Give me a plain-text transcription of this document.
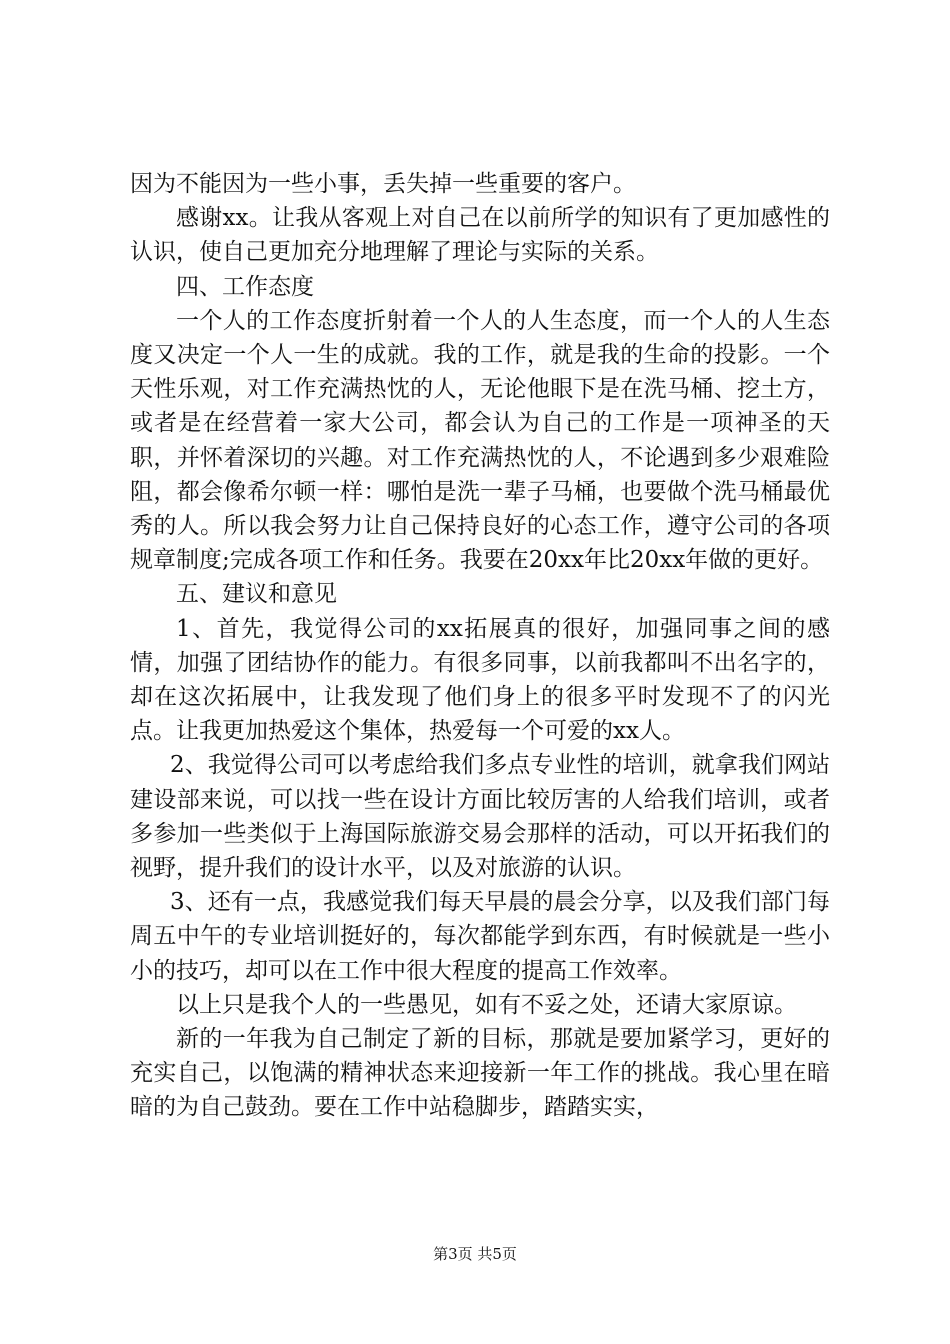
因为不能因为一些小事，丢失掉一些重要的客户。

感谢xx。让我从客观上对自己在以前所学的知识有了更加感性的认识，使自己更加充分地理解了理论与实际的关系。

四、工作态度

一个人的工作态度折射着一个人的人生态度，而一个人的人生态度又决定一个人一生的成就。我的工作，就是我的生命的投影。一个天性乐观，对工作充满热忱的人，无论他眼下是在洗马桶、挖土方，或者是在经营着一家大公司，都会认为自己的工作是一项神圣的天职，并怀着深切的兴趣。对工作充满热忱的人，不论遇到多少艰难险阻，都会像希尔顿一样：哪怕是洗一辈子马桶，也要做个洗马桶最优秀的人。所以我会努力让自己保持良好的心态工作，遵守公司的各项规章制度;完成各项工作和任务。我要在20xx年比20xx年做的更好。

五、建议和意见

1、首先，我觉得公司的xx拓展真的很好，加强同事之间的感情，加强了团结协作的能力。有很多同事，以前我都叫不出名字的，却在这次拓展中，让我发现了他们身上的很多平时发现不了的闪光点。让我更加热爱这个集体，热爱每一个可爱的xx人。

2、我觉得公司可以考虑给我们多点专业性的培训，就拿我们网站建设部来说，可以找一些在设计方面比较厉害的人给我们培训，或者多参加一些类似于上海国际旅游交易会那样的活动，可以开拓我们的视野，提升我们的设计水平，以及对旅游的认识。

3、还有一点，我感觉我们每天早晨的晨会分享，以及我们部门每周五中午的专业培训挺好的，每次都能学到东西，有时候就是一些小小的技巧，却可以在工作中很大程度的提高工作效率。

以上只是我个人的一些愚见，如有不妥之处，还请大家原谅。

新的一年我为自己制定了新的目标，那就是要加紧学习，更好的充实自己，以饱满的精神状态来迎接新一年工作的挑战。我心里在暗暗的为自己鼓劲。要在工作中站稳脚步，踏踏实实，

第3页 共5页
